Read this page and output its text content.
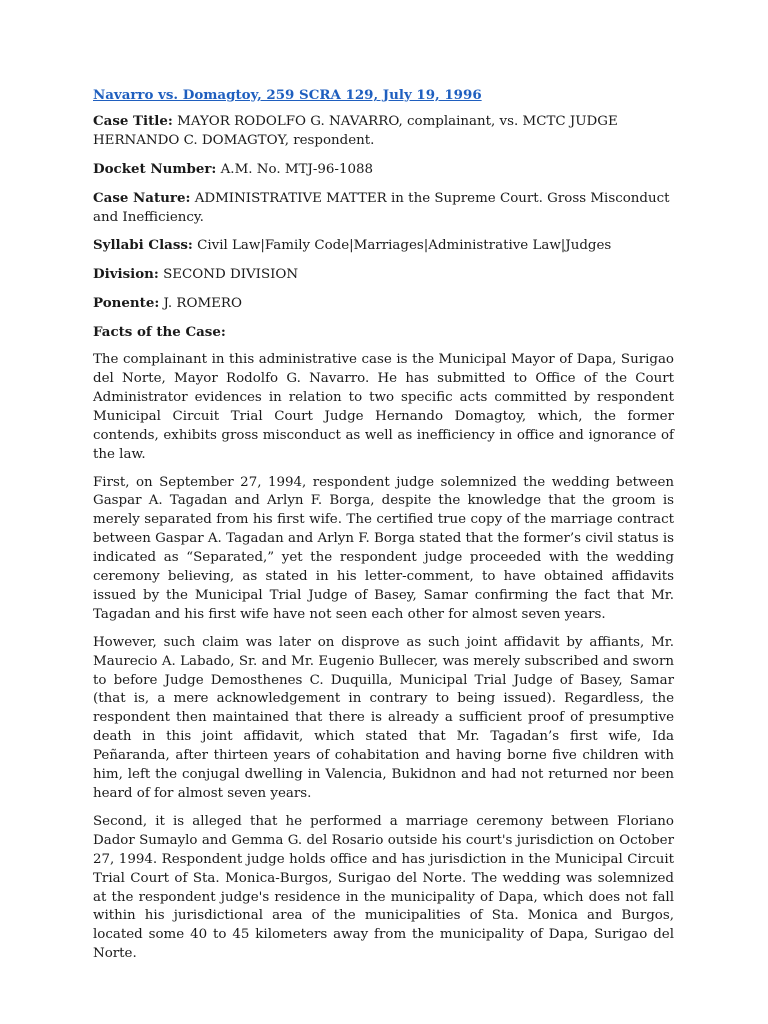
Navarro vs. Domagtoy, 259 SCRA 129, July 19, 1996
Case Title: MAYOR RODOLFO G. NAVARRO, complainant, vs. MCTC JUDGE HERNANDO C. DOMAGTOY, respondent.
Docket Number: A.M. No. MTJ-96-1088
Case Nature: ADMINISTRATIVE MATTER in the Supreme Court. Gross Misconduct and Inefficiency.
Syllabi Class: Civil Law|Family Code|Marriages|Administrative Law|Judges
Division: SECOND DIVISION
Ponente: J. ROMERO
Facts of the Case:

The complainant in this administrative case is the Municipal Mayor of Dapa, Surigao del Norte, Mayor Rodolfo G. Navarro. He has submitted to Office of the Court Administrator evidences in relation to two specific acts committed by respondent Municipal Circuit Trial Court Judge Hernando Domagtoy, which, the former contends, exhibits gross misconduct as well as inefficiency in office and ignorance of the law.

First, on September 27, 1994, respondent judge solemnized the wedding between Gaspar A. Tagadan and Arlyn F. Borga, despite the knowledge that the groom is merely separated from his first wife. The certified true copy of the marriage contract between Gaspar A. Tagadan and Arlyn F. Borga stated that the former’s civil status is indicated as “Separated,” yet the respondent judge proceeded with the wedding ceremony believing, as stated in his letter-comment, to have obtained affidavits issued by the Municipal Trial Judge of Basey, Samar confirming the fact that Mr. Tagadan and his first wife have not seen each other for almost seven years.

However, such claim was later on disprove as such joint affidavit by affiants, Mr. Maurecio A. Labado, Sr. and Mr. Eugenio Bullecer, was merely subscribed and sworn to before Judge Demosthenes C. Duquilla, Municipal Trial Judge of Basey, Samar (that is, a mere acknowledgement in contrary to being issued). Regardless, the respondent then maintained that there is already a sufficient proof of presumptive death in this joint affidavit, which stated that Mr. Tagadan’s first wife, Ida Peñaranda, after thirteen years of cohabitation and having borne five children with him, left the conjugal dwelling in Valencia, Bukidnon and had not returned nor been heard of for almost seven years.

Second, it is alleged that he performed a marriage ceremony between Floriano Dador Sumaylo and Gemma G. del Rosario outside his court's jurisdiction on October 27, 1994. Respondent judge holds office and has jurisdiction in the Municipal Circuit Trial Court of Sta. Monica-Burgos, Surigao del Norte. The wedding was solemnized at the respondent judge's residence in the municipality of Dapa, which does not fall within his jurisdictional area of the municipalities of Sta. Monica and Burgos, located some 40 to 45 kilometers away from the municipality of Dapa, Surigao del Norte.
